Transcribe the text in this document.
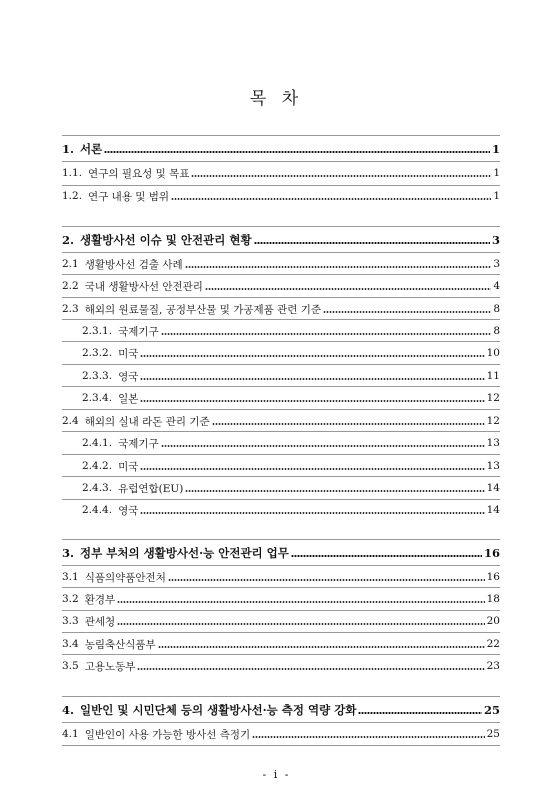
목 차
1. 서론	1
1.1. 연구의 필요성 및 목표	1
1.2. 연구 내용 및 범위	1
2. 생활방사선 이슈 및 안전관리 현황	3
2.1 생활방사선 검출 사례	3
2.2 국내 생활방사선 안전관리	4
2.3 해외의 원료물질, 공정부산물 및 가공제품 관련 기준	8
2.3.1. 국제기구	8
2.3.2. 미국	10
2.3.3. 영국	11
2.3.4. 일본	12
2.4 해외의 실내 라돈 관리 기준	12
2.4.1. 국제기구	13
2.4.2. 미국	13
2.4.3. 유럽연합(EU)	14
2.4.4. 영국	14
3. 정부 부처의 생활방사선·능 안전관리 업무	16
3.1 식품의약품안전처	16
3.2 환경부	18
3.3 관세청	20
3.4 농림축산식품부	22
3.5 고용노동부	23
4. 일반인 및 시민단체 등의 생활방사선·능 측정 역량 강화	25
4.1 일반인이 사용 가능한 방사선 측정기	25
- i -
